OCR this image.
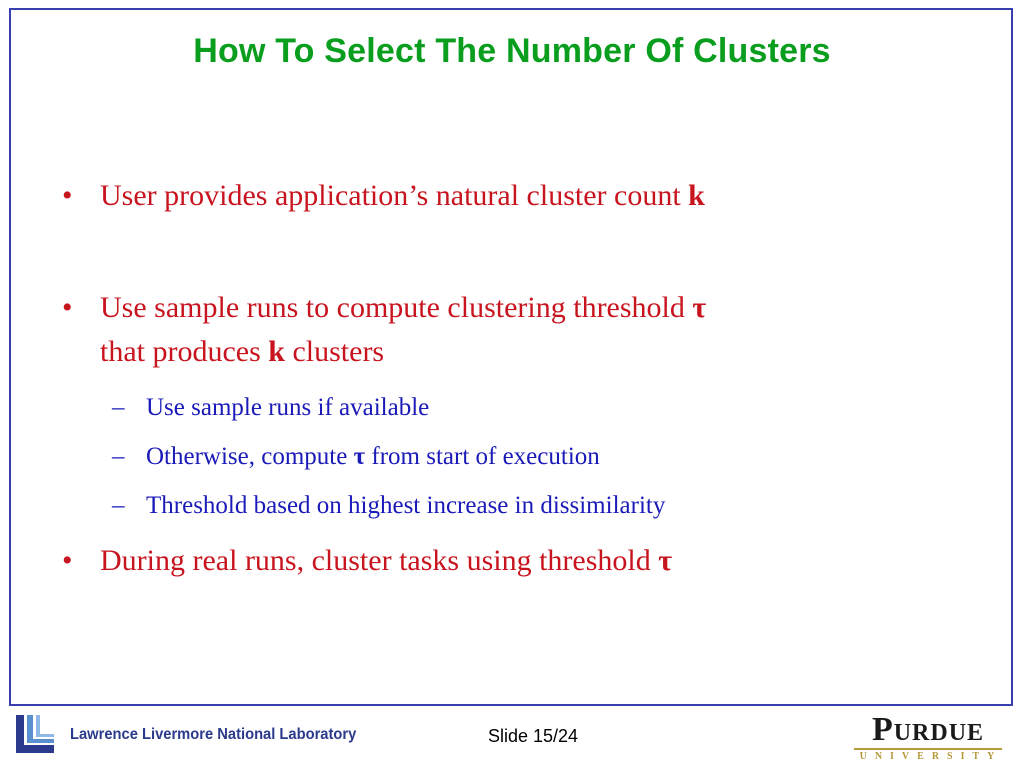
How To Select The Number Of Clusters
• User provides application’s natural cluster count k
• Use sample runs to compute clustering threshold τ
that produces k clusters
– Use sample runs if available
– Otherwise, compute τ from start of execution
– Threshold based on highest increase in dissimilarity
• During real runs, cluster tasks using threshold τ
Lawrence Livermore National Laboratory	Slide 15/24	Purdue
UNIVERSITY
